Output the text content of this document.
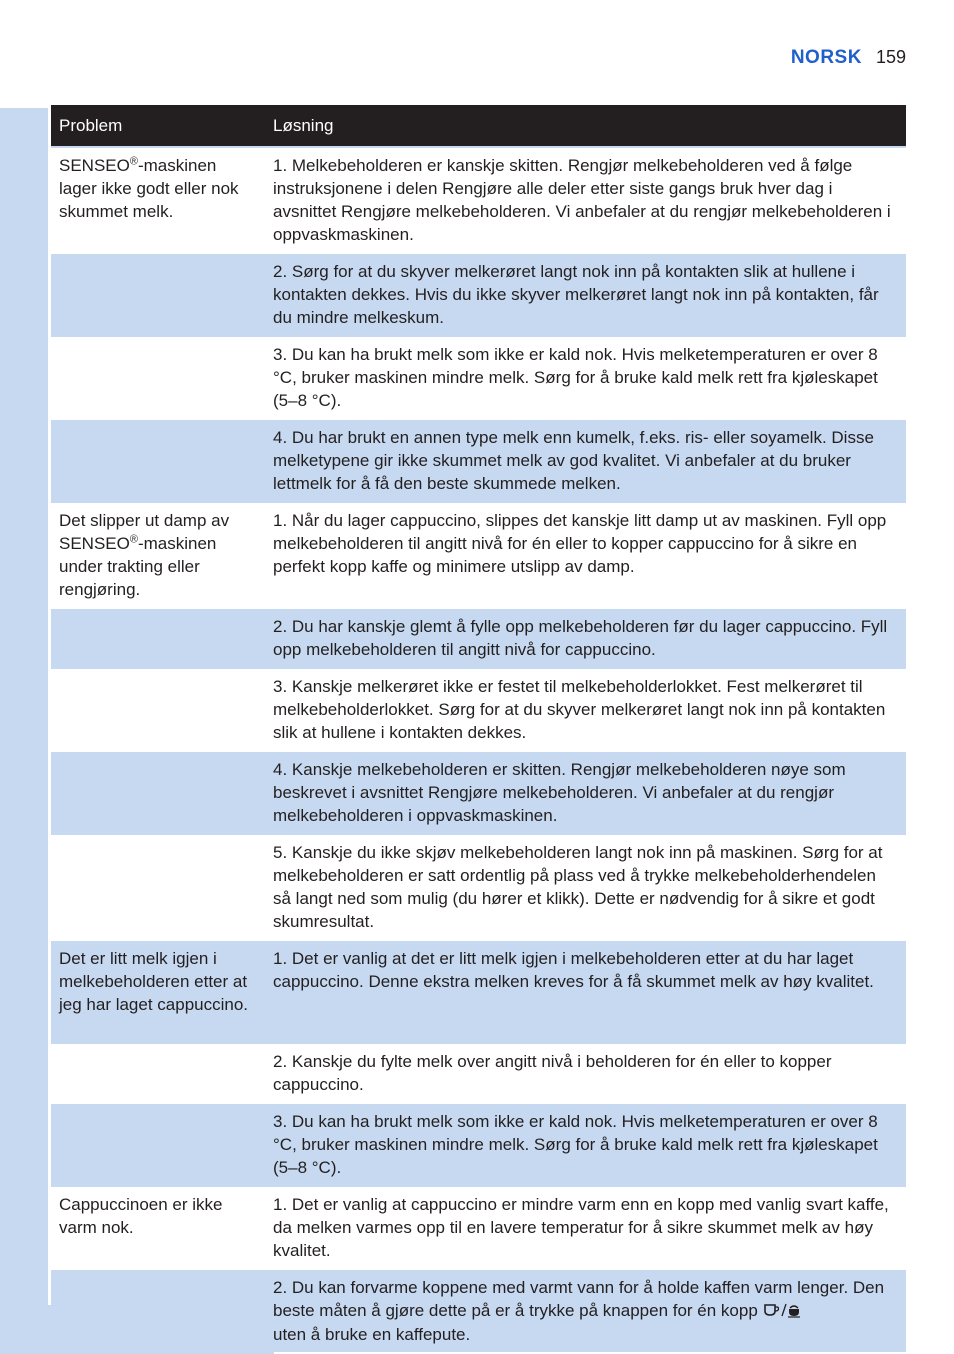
NORSK 159
Problem	Løsning
SENSEO®-maskinen lager ikke godt eller nok skummet melk.	1. Melkebeholderen er kanskje skitten. Rengjør melkebeholderen ved å følge instruksjonene i delen Rengjøre alle deler etter siste gangs bruk hver dag i avsnittet Rengjøre melkebeholderen. Vi anbefaler at du rengjør melkebeholderen i oppvaskmaskinen.
	2. Sørg for at du skyver melkerøret langt nok inn på kontakten slik at hullene i kontakten dekkes. Hvis du ikke skyver melkerøret langt nok inn på kontakten, får du mindre melkeskum.
	3. Du kan ha brukt melk som ikke er kald nok. Hvis melketemperaturen er over 8 °C, bruker maskinen mindre melk. Sørg for å bruke kald melk rett fra kjøleskapet (5–8 °C).
	4. Du har brukt en annen type melk enn kumelk, f.eks. ris- eller soyamelk. Disse melketypene gir ikke skummet melk av god kvalitet. Vi anbefaler at du bruker lettmelk for å få den beste skummede melken.
Det slipper ut damp av SENSEO®-maskinen under trakting eller rengjøring.	1. Når du lager cappuccino, slippes det kanskje litt damp ut av maskinen. Fyll opp melkebeholderen til angitt nivå for én eller to kopper cappuccino for å sikre en perfekt kopp kaffe og minimere utslipp av damp.
	2. Du har kanskje glemt å fylle opp melkebeholderen før du lager cappuccino. Fyll opp melkebeholderen til angitt nivå for cappuccino.
	3. Kanskje melkerøret ikke er festet til melkebeholderlokket. Fest melkerøret til melkebeholderlokket. Sørg for at du skyver melkerøret langt nok inn på kontakten slik at hullene i kontakten dekkes.
	4. Kanskje melkebeholderen er skitten. Rengjør melkebeholderen nøye som beskrevet i avsnittet Rengjøre melkebeholderen. Vi anbefaler at du rengjør melkebeholderen i oppvaskmaskinen.
	5. Kanskje du ikke skjøv melkebeholderen langt nok inn på maskinen. Sørg for at melkebeholderen er satt ordentlig på plass ved å trykke melkebeholderhendelen så langt ned som mulig (du hører et klikk). Dette er nødvendig for å sikre et godt skumresultat.
Det er litt melk igjen i melkebeholderen etter at jeg har laget cappuccino.	1. Det er vanlig at det er litt melk igjen i melkebeholderen etter at du har laget cappuccino. Denne ekstra melken kreves for å få skummet melk av høy kvalitet.
	2. Kanskje du fylte melk over angitt nivå i beholderen for én eller to kopper cappuccino.
	3. Du kan ha brukt melk som ikke er kald nok. Hvis melketemperaturen er over 8 °C, bruker maskinen mindre melk. Sørg for å bruke kald melk rett fra kjøleskapet (5–8 °C).
Cappuccinoen er ikke varm nok.	1. Det er vanlig at cappuccino er mindre varm enn en kopp med vanlig svart kaffe, da melken varmes opp til en lavere temperatur for å sikre skummet melk av høy kvalitet.
	2. Du kan forvarme koppene med varmt vann for å holde kaffen varm lenger. Den beste måten å gjøre dette på er å trykke på knappen for én kopp
uten å bruke en kaffepute.
